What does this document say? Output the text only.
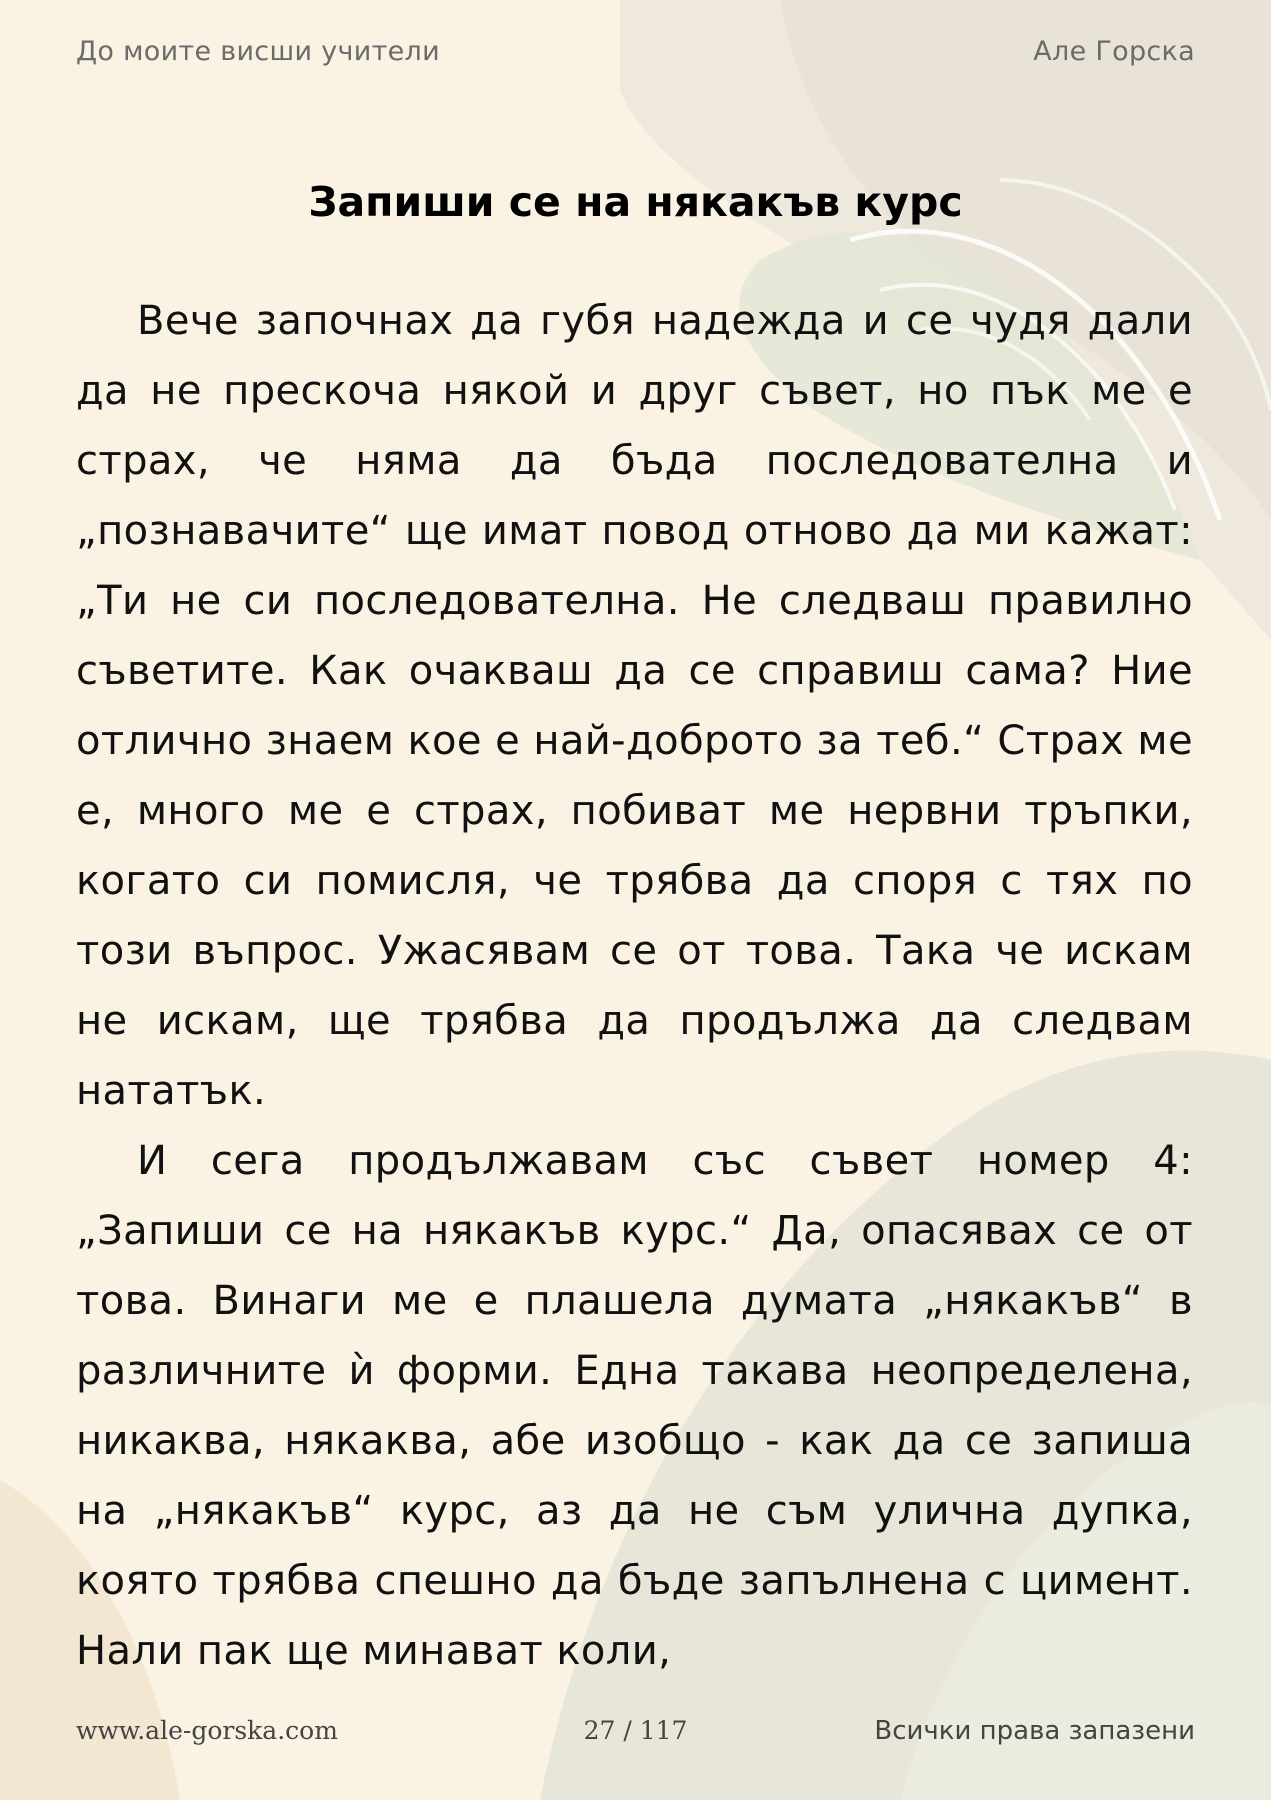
До моите висши учители	Але Горска
Запиши се на някакъв курс

Вече започнах да губя надежда и се чудя дали да не прескоча някой и друг съвет, но пък ме е страх, че няма да бъда последователна и „познавачите“ ще имат повод отново да ми кажат: „Ти не си последователна. Не следваш правилно съветите. Как очакваш да се справиш сама? Ние отлично знаем кое е най-доброто за теб.“ Страх ме е, много ме е страх, побиват ме нервни тръпки, когато си помисля, че трябва да споря с тях по този въпрос. Ужасявам се от това. Така че искам не искам, ще трябва да продължа да следвам нататък.

И сега продължавам със съвет номер 4: „Запиши се на някакъв курс.“ Да, опасявах се от това. Винаги ме е плашела думата „някакъв“ в различните ѝ форми. Една такава неопределена, никаква, някаква, абе изобщо - как да се запиша на „някакъв“ курс, аз да не съм улична дупка, която трябва спешно да бъде запълнена с цимент. Нали пак ще минават коли,

www.ale-gorska.com	27 / 117	Всички права запазени
